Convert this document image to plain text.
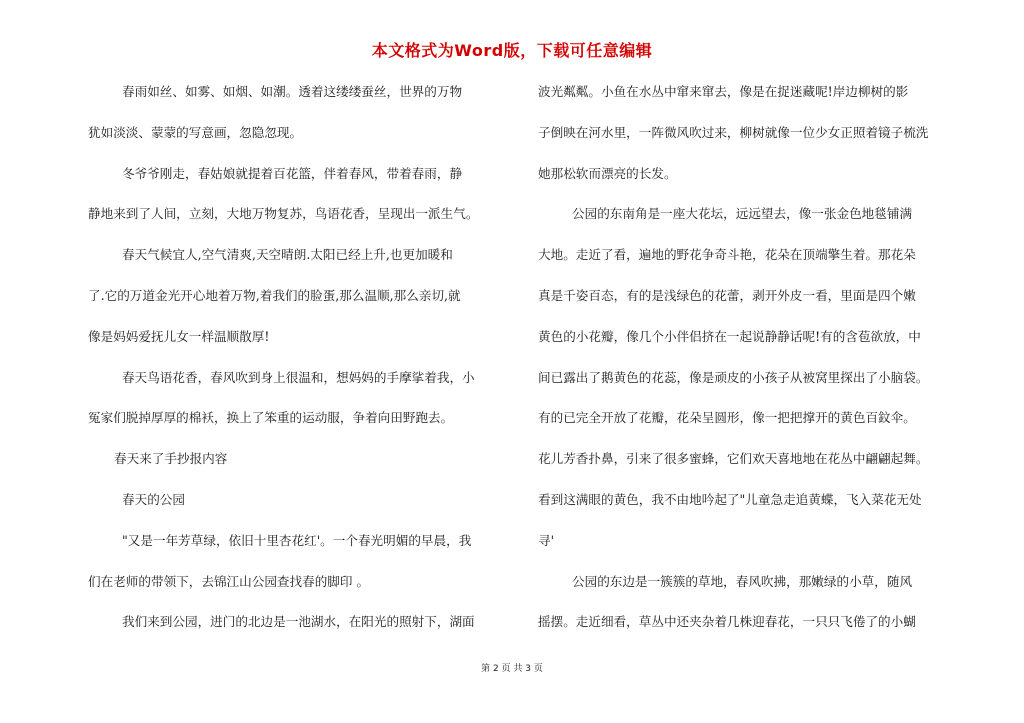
本文格式为Word版，下载可任意编辑
春雨如丝、如雾、如烟、如潮。透着这缕缕蚕丝，世界的万物
犹如淡淡、蒙蒙的写意画，忽隐忽现。
冬爷爷刚走，春姑娘就提着百花篮，伴着春风，带着春雨，静
静地来到了人间，立刻，大地万物复苏，鸟语花香，呈现出一派生气。
春天气候宜人,空气清爽,天空晴朗.太阳已经上升,也更加暖和
了.它的万道金光开心地着万物,着我们的脸蛋,那么温顺,那么亲切,就
像是妈妈爱抚儿女一样温顺散厚!
春天鸟语花香，春风吹到身上很温和，想妈妈的手摩挲着我，小
冤家们脱掉厚厚的棉袄，换上了笨重的运动服，争着向田野跑去。
春天来了手抄报内容
春天的公园
"又是一年芳草绿，依旧十里杏花红'。一个春光明媚的早晨，我
们在老师的带领下，去锦江山公园查找春的脚印 。
我们来到公园，进门的北边是一池湖水，在阳光的照射下，湖面
波光粼粼。小鱼在水丛中窜来窜去，像是在捉迷藏呢!岸边柳树的影
子倒映在河水里，一阵微风吹过来，柳树就像一位少女正照着镜子梳洗
她那松软而漂亮的长发。
公园的东南角是一座大花坛，远远望去，像一张金色地毯铺满
大地。走近了看，遍地的野花争奇斗艳，花朵在顶端擎生着。那花朵
真是千姿百态，有的是浅绿色的花蕾，剥开外皮一看，里面是四个嫩
黄色的小花瓣，像几个小伴侣挤在一起说静静话呢!有的含苞欲放，中
间已露出了鹅黄色的花蕊，像是顽皮的小孩子从被窝里探出了小脑袋。
有的已完全开放了花瓣，花朵呈圆形，像一把把撑开的黄色百鈫伞。
花儿芳香扑鼻，引来了很多蜜蜂，它们欢天喜地地在花丛中翩翩起舞。
看到这满眼的黄色，我不由地吟起了"儿童急走追黄蝶，飞入菜花无处
寻'
公园的东边是一簇簇的草地，春风吹拂，那嫩绿的小草，随风
摇摆。走近细看，草丛中还夹杂着几株迎春花，一只只飞倦了的小蝴
第 2 页 共 3 页
